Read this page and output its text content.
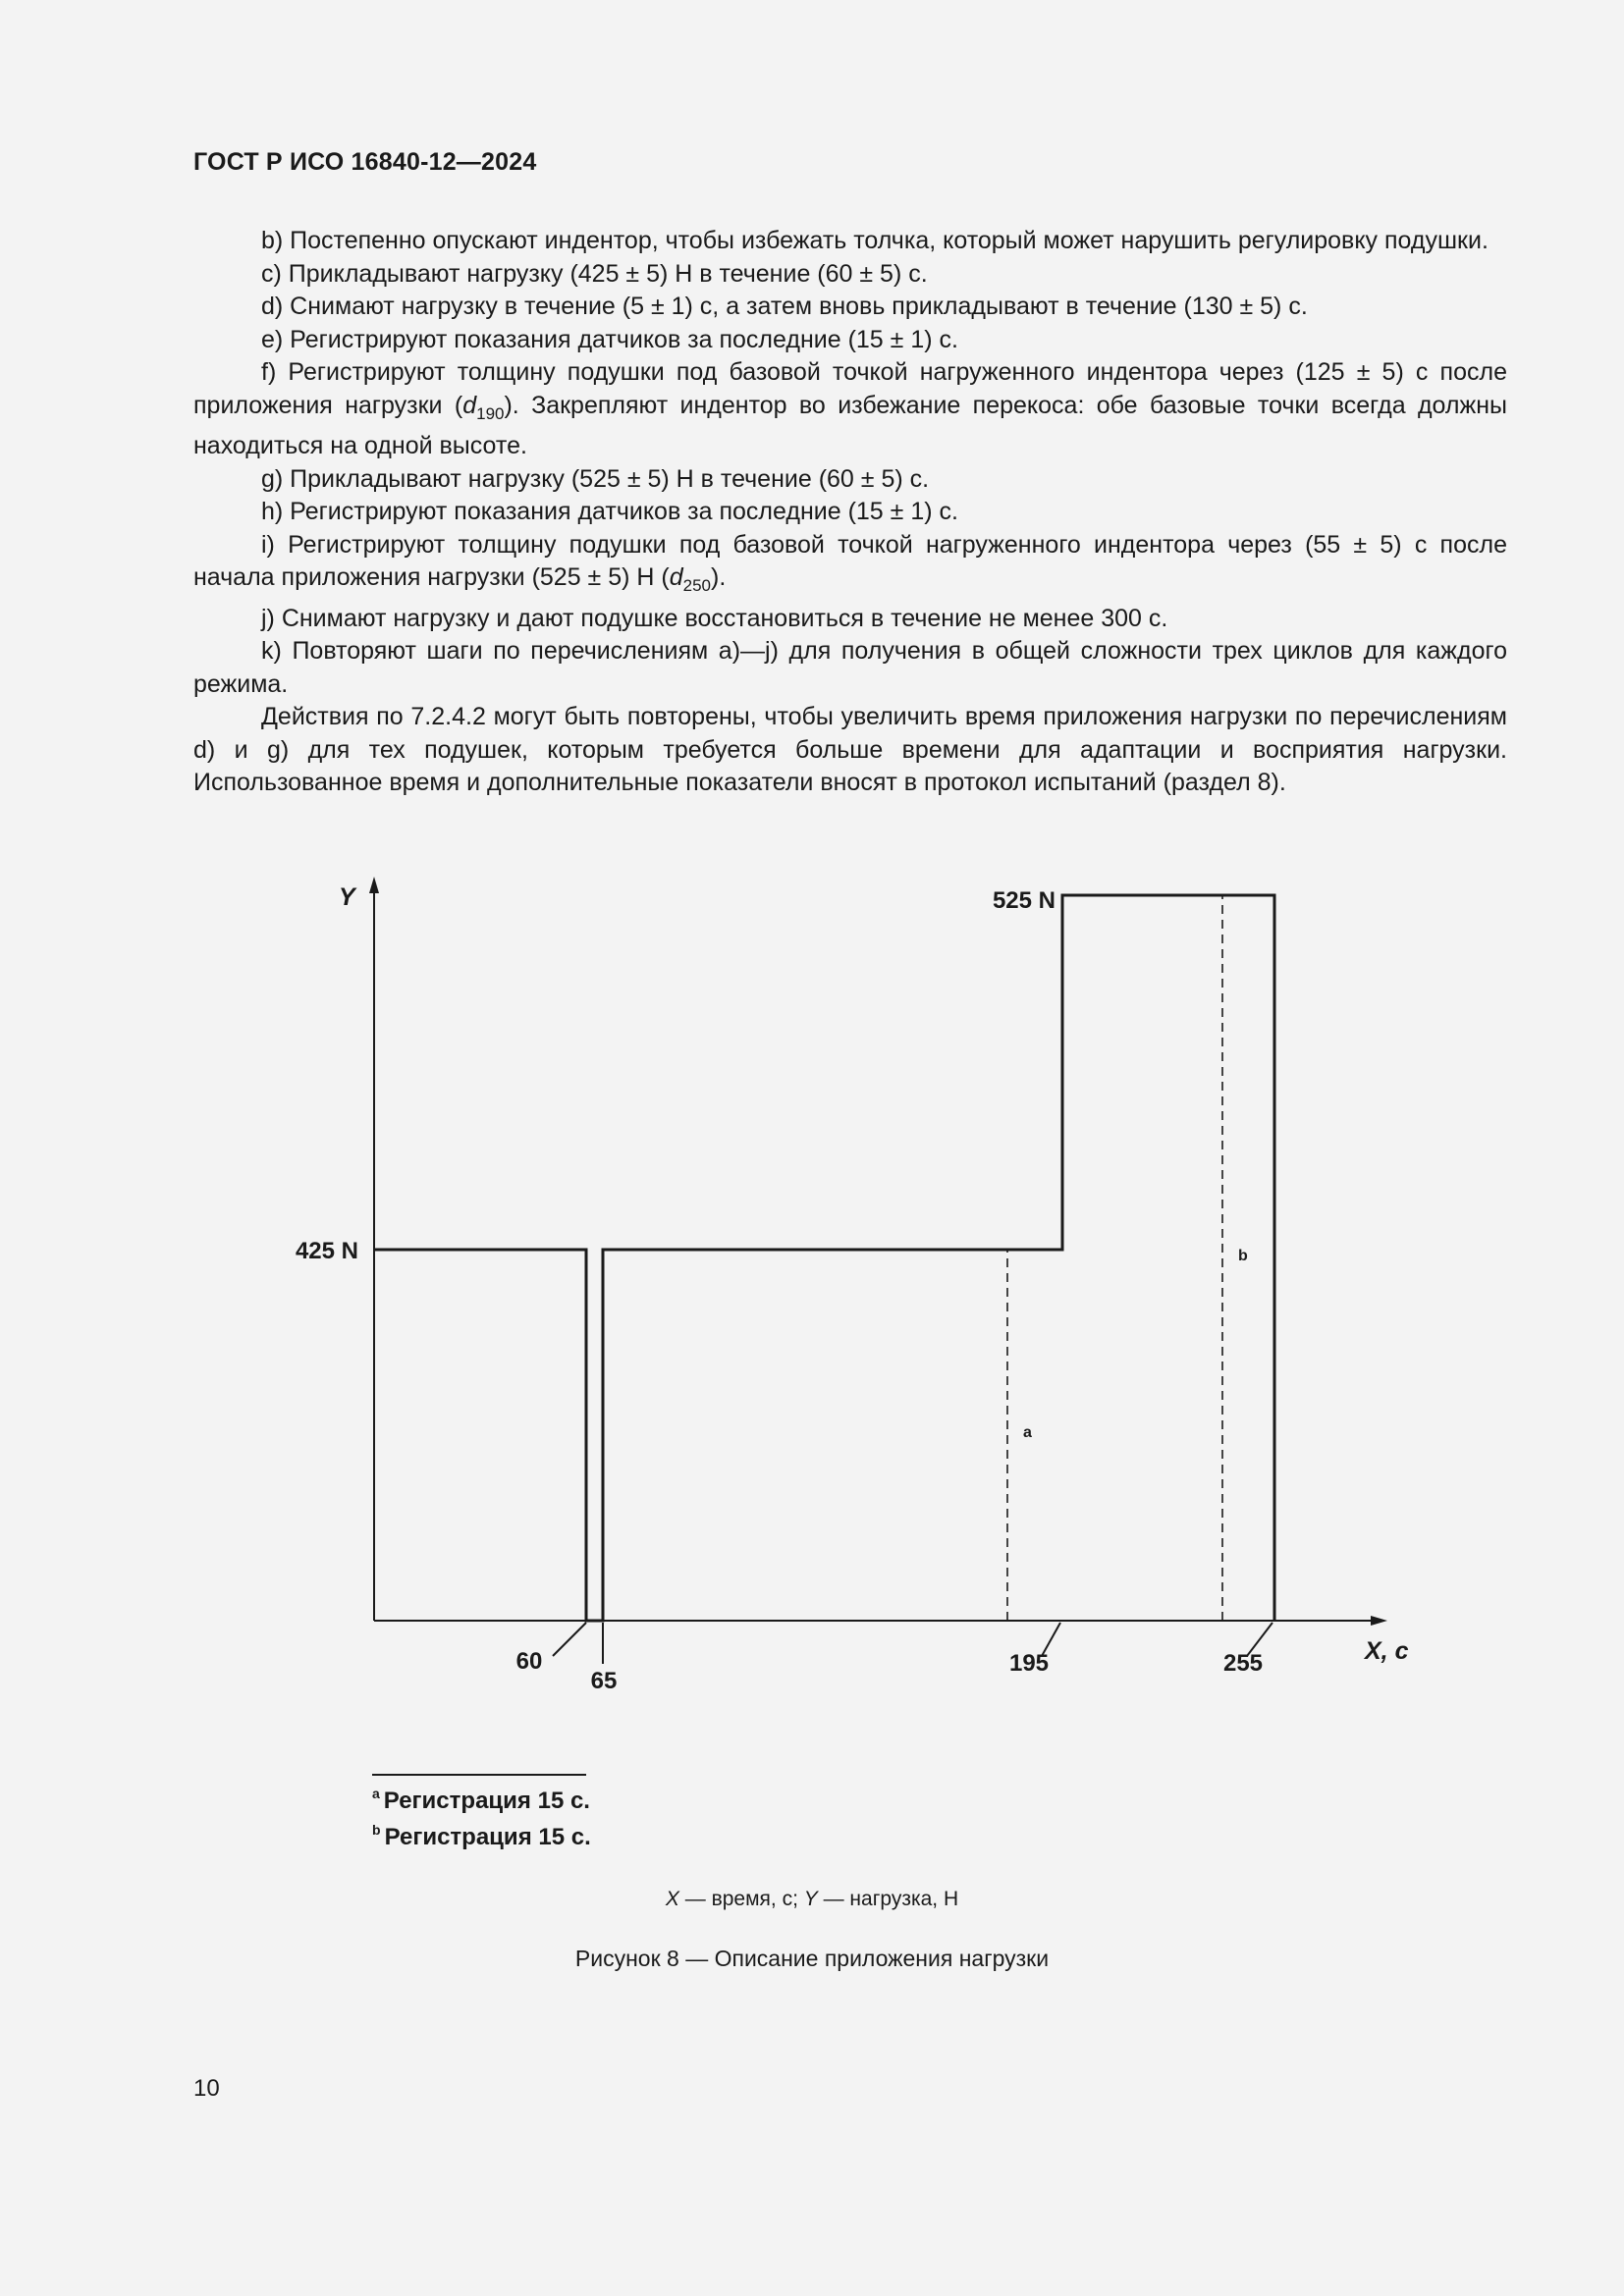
ГОСТ Р ИСО 16840-12—2024

b) Постепенно опускают индентор, чтобы избежать толчка, который может нарушить регулировку подушки.

c) Прикладывают нагрузку (425 ± 5) Н в течение (60 ± 5) с.

d) Снимают нагрузку в течение (5 ± 1) с, а затем вновь прикладывают в течение (130 ± 5) с.

e) Регистрируют показания датчиков за последние (15 ± 1) с.

f) Регистрируют толщину подушки под базовой точкой нагруженного индентора через (125 ± 5) с после приложения нагрузки $(d_{190})$. Закрепляют индентор во избежание перекоса: обе базовые точки всегда должны находиться на одной высоте.

g) Прикладывают нагрузку (525 ± 5) Н в течение (60 ± 5) с.

h) Регистрируют показания датчиков за последние (15 ± 1) с.

i) Регистрируют толщину подушки под базовой точкой нагруженного индентора через (55 ± 5) с после начала приложения нагрузки (525 ± 5) Н $(d_{250})$.

j) Снимают нагрузку и дают подушке восстановиться в течение не менее 300 с.

k) Повторяют шаги по перечислениям a)—j) для получения в общей сложности трех циклов для каждого режима.

Действия по 7.2.4.2 могут быть повторены, чтобы увеличить время приложения нагрузки по перечислениям d) и g) для тех подушек, которым требуется больше времени для адаптации и восприятия нагрузки. Использованное время и дополнительные показатели вносят в протокол испытаний (раздел 8).

Y
425 N
525 N
60
65
195	255	X, с
a
b
$^a$ Регистрация 15 с.
$^b$ Регистрация 15 с.
X — время, с; Y — нагрузка, Н
Рисунок 8 — Описание приложения нагрузки
10
